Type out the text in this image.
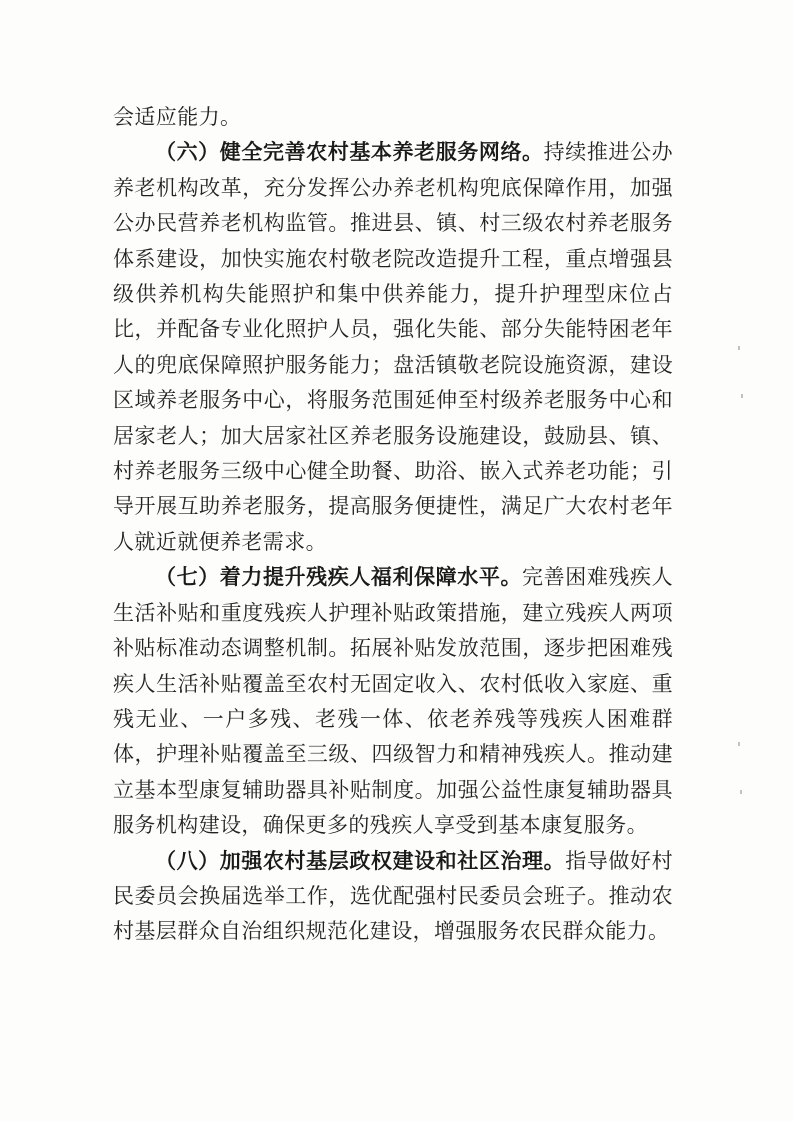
会适应能力。

（六）健全完善农村基本养老服务网络。持续推进公办养老机构改革，充分发挥公办养老机构兜底保障作用，加强公办民营养老机构监管。推进县、镇、村三级农村养老服务体系建设，加快实施农村敬老院改造提升工程，重点增强县级供养机构失能照护和集中供养能力，提升护理型床位占比，并配备专业化照护人员，强化失能、部分失能特困老年人的兜底保障照护服务能力；盘活镇敬老院设施资源，建设区域养老服务中心，将服务范围延伸至村级养老服务中心和居家老人；加大居家社区养老服务设施建设，鼓励县、镇、村养老服务三级中心健全助餐、助浴、嵌入式养老功能；引导开展互助养老服务，提高服务便捷性，满足广大农村老年人就近就便养老需求。

（七）着力提升残疾人福利保障水平。完善困难残疾人生活补贴和重度残疾人护理补贴政策措施，建立残疾人两项补贴标准动态调整机制。拓展补贴发放范围，逐步把困难残疾人生活补贴覆盖至农村无固定收入、农村低收入家庭、重残无业、一户多残、老残一体、依老养残等残疾人困难群体，护理补贴覆盖至三级、四级智力和精神残疾人。推动建立基本型康复辅助器具补贴制度。加强公益性康复辅助器具服务机构建设，确保更多的残疾人享受到基本康复服务。

（八）加强农村基层政权建设和社区治理。指导做好村民委员会换届选举工作，选优配强村民委员会班子。推动农村基层群众自治组织规范化建设，增强服务农民群众能力。
